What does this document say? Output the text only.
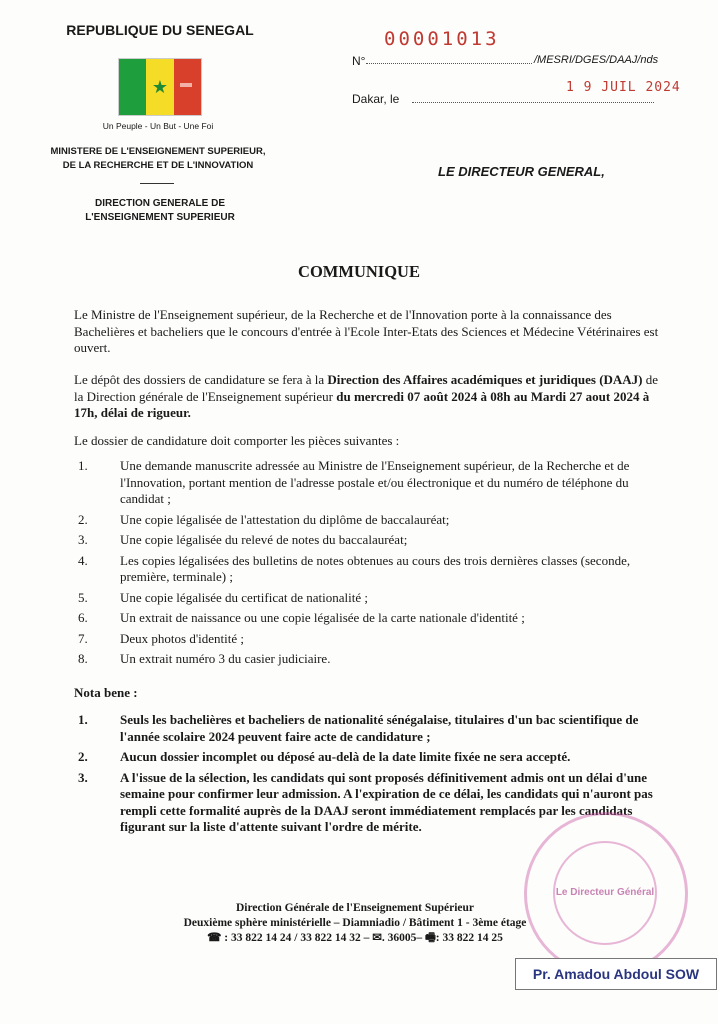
REPUBLIQUE DU SENEGAL
★
Un Peuple - Un But - Une Foi
MINISTERE DE L'ENSEIGNEMENT SUPERIEUR,
DE LA RECHERCHE ET DE L'INNOVATION
DIRECTION GENERALE DE
L'ENSEIGNEMENT SUPERIEUR
N°
00001013
/MESRI/DGES/DAAJ/nds
Dakar, le
1 9 JUIL 2024
LE DIRECTEUR GENERAL,
COMMUNIQUE
Le Ministre de l'Enseignement supérieur, de la Recherche et de l'Innovation porte à la connaissance des Bachelières et bacheliers que le concours d'entrée à l'Ecole Inter-Etats des Sciences et Médecine Vétérinaires est ouvert.
Le dépôt des dossiers de candidature se fera à la Direction des Affaires académiques et juridiques (DAAJ) de la Direction générale de l'Enseignement supérieur du mercredi 07 août 2024 à 08h au Mardi 27 aout 2024 à 17h, délai de rigueur.
Le dossier de candidature doit comporter les pièces suivantes :
1. Une demande manuscrite adressée au Ministre de l'Enseignement supérieur, de la Recherche et de l'Innovation, portant mention de l'adresse postale et/ou électronique et du numéro de téléphone du candidat ;
2. Une copie légalisée de l'attestation du diplôme de baccalauréat;
3. Une copie légalisée du relevé de notes du baccalauréat;
4. Les copies légalisées des bulletins de notes obtenues au cours des trois dernières classes (seconde, première, terminale) ;
5. Une copie légalisée du certificat de nationalité ;
6. Un extrait de naissance ou une copie légalisée de la carte nationale d'identité ;
7. Deux photos d'identité ;
8. Un extrait numéro 3 du casier judiciaire.
Nota bene :
1. Seuls les bachelières et bacheliers de nationalité sénégalaise, titulaires d'un bac scientifique de l'année scolaire 2024 peuvent faire acte de candidature ;
2. Aucun dossier incomplet ou déposé au-delà de la date limite fixée ne sera accepté.
3. A l'issue de la sélection, les candidats qui sont proposés définitivement admis ont un délai d'une semaine pour confirmer leur admission. A l'expiration de ce délai, les candidats qui n'auront pas rempli cette formalité auprès de la DAAJ seront immédiatement remplacés par les candidats figurant sur la liste d'attente suivant l'ordre de mérite.
Le Directeur Général
Direction Générale de l'Enseignement Supérieur
Deuxième sphère ministérielle – Diamniadio / Bâtiment 1 - 3ème étage
☎ : 33 822 14 24 / 33 822 14 32 – ✉. 36005– 🖷: 33 822 14 25
Pr. Amadou Abdoul SOW
